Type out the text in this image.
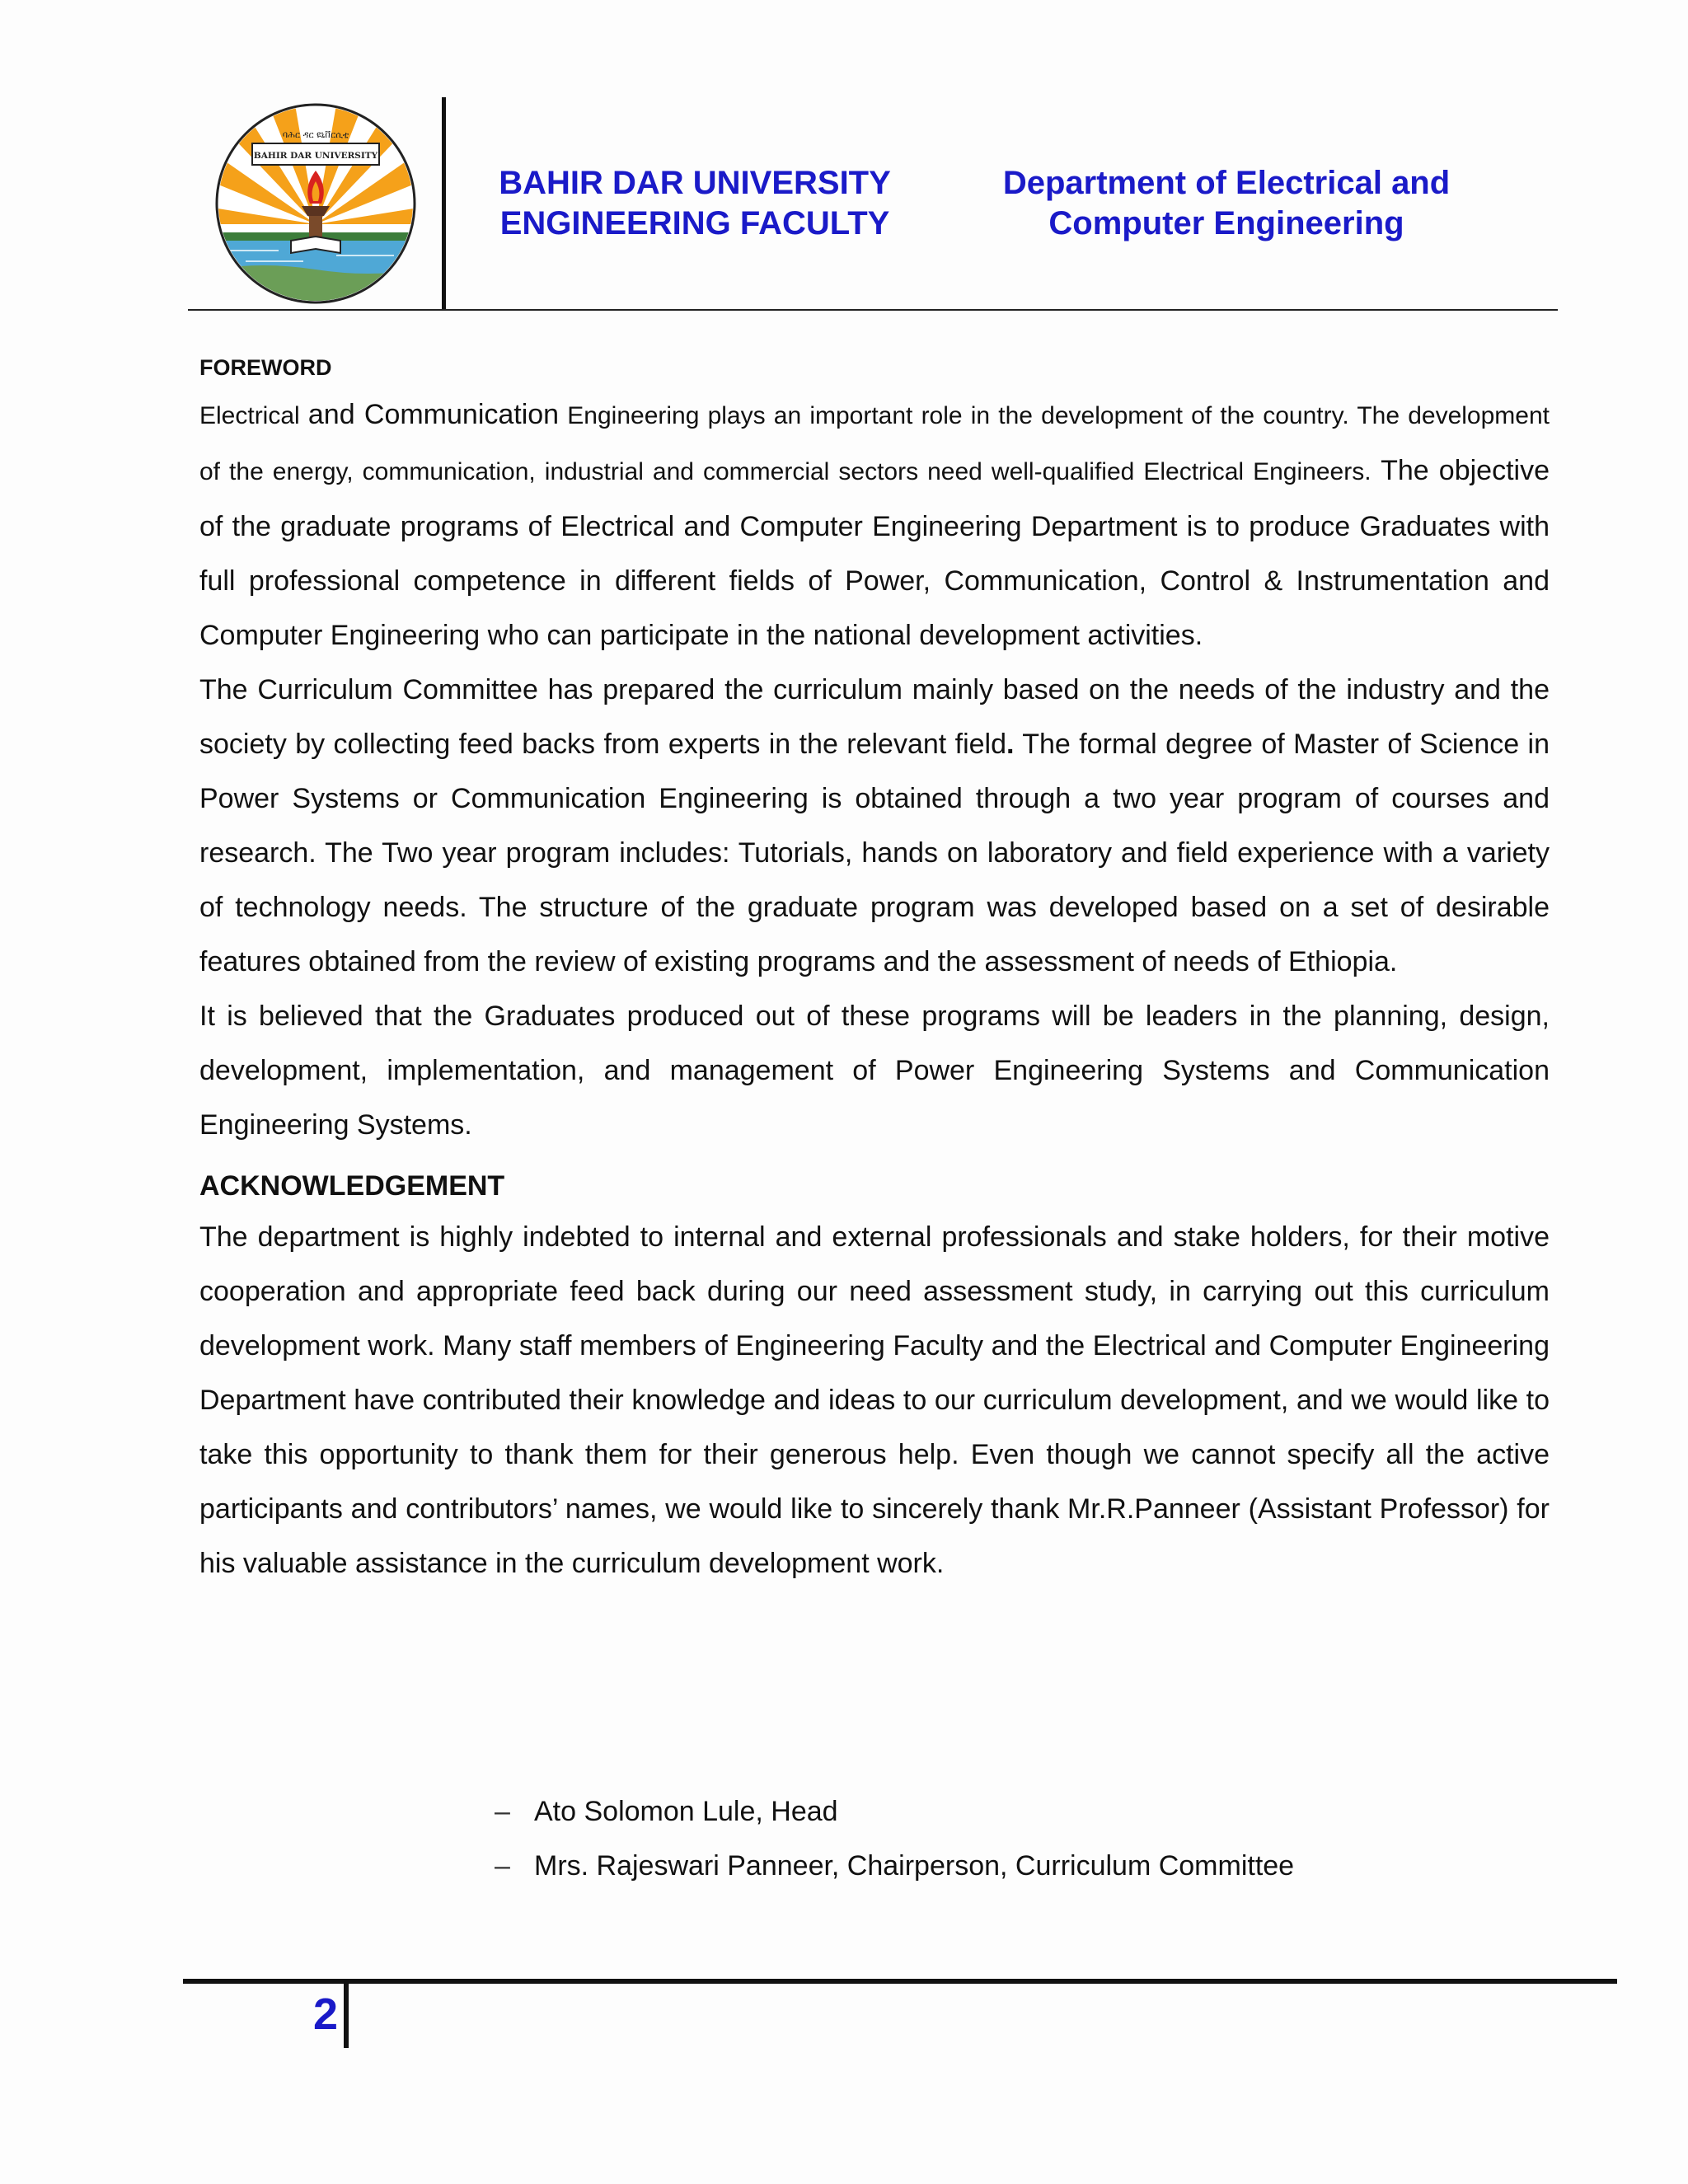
ባሕር ዳር ዩኒቨርሲቲ
BAHIR DAR UNIVERSITY
BAHIR DAR UNIVERSITY
ENGINEERING FACULTY
Department of Electrical and
Computer Engineering
FOREWORD

Electrical and Communication Engineering plays an important role in the development of the country. The development of the energy, communication, industrial and commercial sectors need well-qualified Electrical Engineers. The objective of the graduate programs of Electrical and Computer Engineering Department is to produce Graduates with full professional competence in different fields of Power, Communication, Control & Instrumentation and Computer Engineering who can participate in the national development activities.

The Curriculum Committee has prepared the curriculum mainly based on the needs of the industry and the society by collecting feed backs from experts in the relevant field. The formal degree of Master of Science in Power Systems or Communication Engineering is obtained through a two year program of courses and research. The Two year program includes: Tutorials, hands on laboratory and field experience with a variety of technology needs. The structure of the graduate program was developed based on a set of desirable features obtained from the review of existing programs and the assessment of needs of Ethiopia.

It is believed that the Graduates produced out of these programs will be leaders in the planning, design, development, implementation, and management of Power Engineering Systems and Communication Engineering Systems.

ACKNOWLEDGEMENT

The department is highly indebted to internal and external professionals and stake holders, for their motive cooperation and appropriate feed back during our need assessment study, in carrying out this curriculum development work. Many staff members of Engineering Faculty and the Electrical and Computer Engineering Department have contributed their knowledge and ideas to our curriculum development, and we would like to take this opportunity to thank them for their generous help. Even though we cannot specify all the active participants and contributors’ names, we would like to sincerely thank Mr.R.Panneer (Assistant Professor) for his valuable assistance in the curriculum development work.

– Ato Solomon Lule, Head
– Mrs. Rajeswari Panneer, Chairperson, Curriculum Committee
2
